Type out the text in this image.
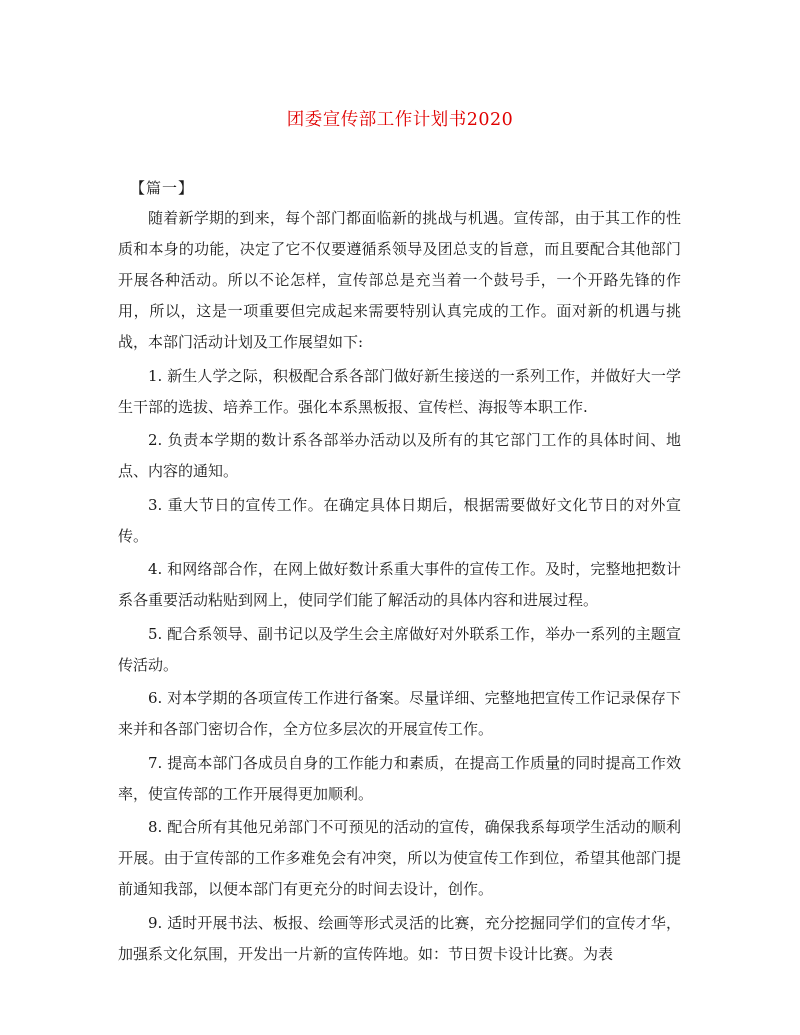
团委宣传部工作计划书2020
【篇一】

随着新学期的到来，每个部门都面临新的挑战与机遇。宣传部，由于其工作的性质和本身的功能，决定了它不仅要遵循系领导及团总支的旨意，而且要配合其他部门开展各种活动。所以不论怎样，宣传部总是充当着一个鼓号手，一个开路先锋的作用，所以，这是一项重要但完成起来需要特别认真完成的工作。面对新的机遇与挑战，本部门活动计划及工作展望如下:

1. 新生人学之际，积极配合系各部门做好新生接送的一系列工作，并做好大一学生干部的选拔、培养工作。强化本系黑板报、宣传栏、海报等本职工作.

2. 负责本学期的数计系各部举办活动以及所有的其它部门工作的具体时间、地点、内容的通知。

3. 重大节日的宣传工作。在确定具体日期后，根据需要做好文化节日的对外宣传。

4. 和网络部合作，在网上做好数计系重大事件的宣传工作。及时，完整地把数计系各重要活动粘贴到网上，使同学们能了解活动的具体内容和进展过程。

5. 配合系领导、副书记以及学生会主席做好对外联系工作，举办一系列的主题宣传活动。

6. 对本学期的各项宣传工作进行备案。尽量详细、完整地把宣传工作记录保存下来并和各部门密切合作，全方位多层次的开展宣传工作。

7. 提高本部门各成员自身的工作能力和素质，在提高工作质量的同时提高工作效率，使宣传部的工作开展得更加顺利。

8. 配合所有其他兄弟部门不可预见的活动的宣传，确保我系每项学生活动的顺利开展。由于宣传部的工作多难免会有冲突，所以为使宣传工作到位，希望其他部门提前通知我部，以便本部门有更充分的时间去设计，创作。

9. 适时开展书法、板报、绘画等形式灵活的比赛，充分挖掘同学们的宣传才华，加强系文化氛围，开发出一片新的宣传阵地。如：节日贺卡设计比赛。为表
